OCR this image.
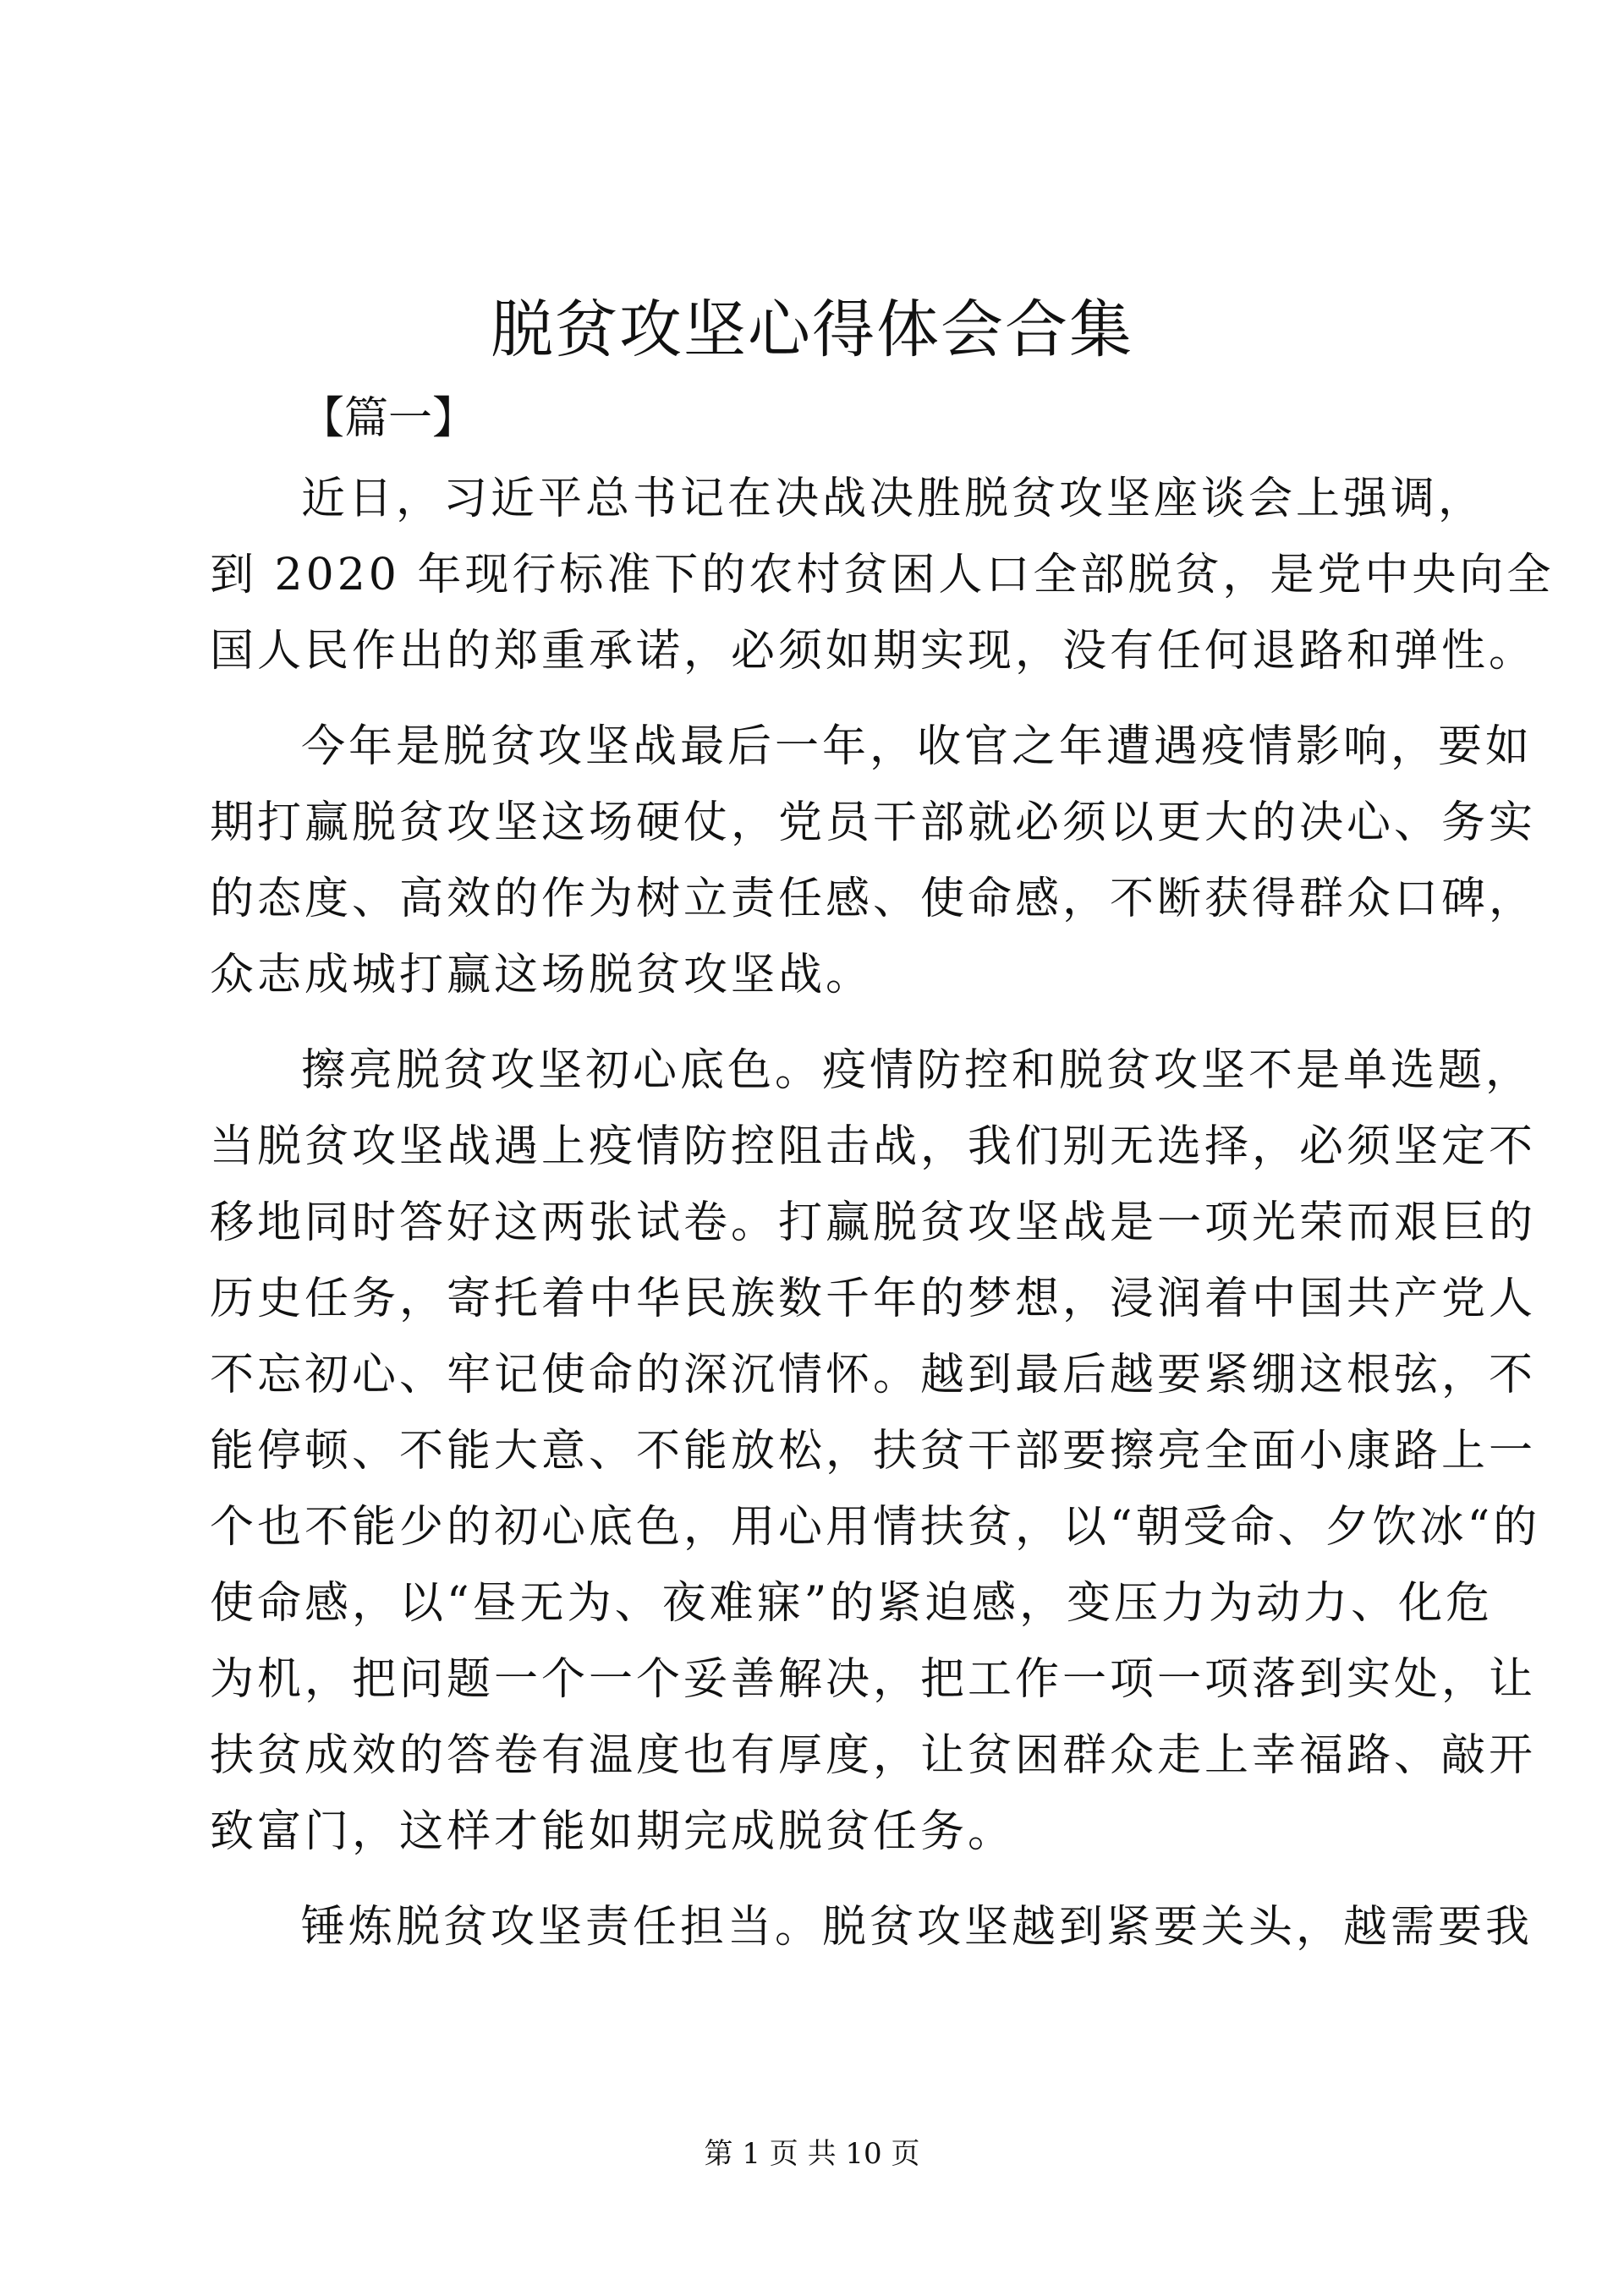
脱贫攻坚心得体会合集

【篇一】

近日，习近平总书记在决战决胜脱贫攻坚座谈会上强调，

到 2020 年现行标准下的农村贫困人口全部脱贫，是党中央向全

国人民作出的郑重承诺，必须如期实现，没有任何退路和弹性。

今年是脱贫攻坚战最后一年，收官之年遭遇疫情影响，要如

期打赢脱贫攻坚这场硬仗，党员干部就必须以更大的决心、务实

的态度、高效的作为树立责任感、使命感，不断获得群众口碑，

众志成城打赢这场脱贫攻坚战。

擦亮脱贫攻坚初心底色。疫情防控和脱贫攻坚不是单选题，

当脱贫攻坚战遇上疫情防控阻击战，我们别无选择，必须坚定不

移地同时答好这两张试卷。打赢脱贫攻坚战是一项光荣而艰巨的

历史任务，寄托着中华民族数千年的梦想，浸润着中国共产党人

不忘初心、牢记使命的深沉情怀。越到最后越要紧绷这根弦，不

能停顿、不能大意、不能放松，扶贫干部要擦亮全面小康路上一

个也不能少的初心底色，用心用情扶贫，以“朝受命、夕饮冰“的

使命感，以“昼无为、夜难寐”的紧迫感，变压力为动力、化危

为机，把问题一个一个妥善解决，把工作一项一项落到实处，让

扶贫成效的答卷有温度也有厚度，让贫困群众走上幸福路、敲开

致富门，这样才能如期完成脱贫任务。

锤炼脱贫攻坚责任担当。脱贫攻坚越到紧要关头，越需要我

第 1 页 共 10 页
